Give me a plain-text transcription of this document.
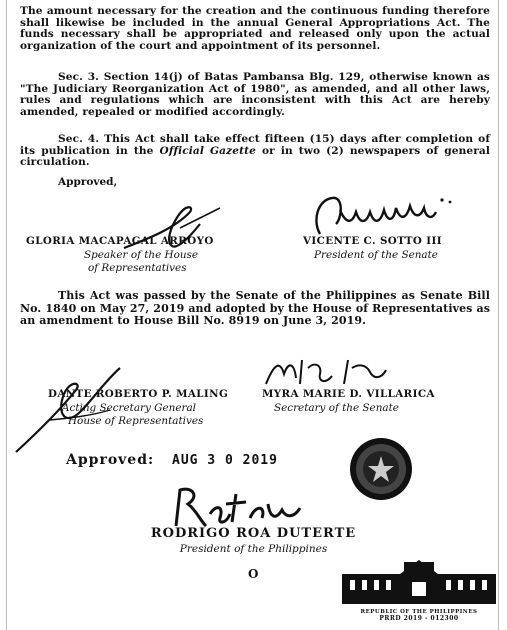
The amount necessary for the creation and the continuous funding therefore shall likewise be included in the annual General Appropriations Act. The funds necessary shall be appropriated and released only upon the actual organization of the court and appointment of its personnel.

Sec. 3. Section 14(j) of Batas Pambansa Blg. 129, otherwise known as "The Judiciary Reorganization Act of 1980", as amended, and all other laws, rules and regulations which are inconsistent with this Act are hereby amended, repealed or modified accordingly.

Sec. 4. This Act shall take effect fifteen (15) days after completion of its publication in the Official Gazette or in two (2) newspapers of general circulation.

Approved,

GLORIA MACAPAGAL ARROYO
Speaker of the House
of Representatives
VICENTE C. SOTTO III
President of the Senate

This Act was passed by the Senate of the Philippines as Senate Bill No. 1840 on May 27, 2019 and adopted by the House of Representatives as an amendment to House Bill No. 8919 on June 3, 2019.

DANTE ROBERTO P. MALING
Acting Secretary General
House of Representatives
MYRA MARIE D. VILLARICA
Secretary of the Senate
Approved: AUG 3 0 2019
RODRIGO ROA DUTERTE
President of the Philippines
O
REPUBLIC OF THE PHILIPPINES
PRRD 2019 - 012300
